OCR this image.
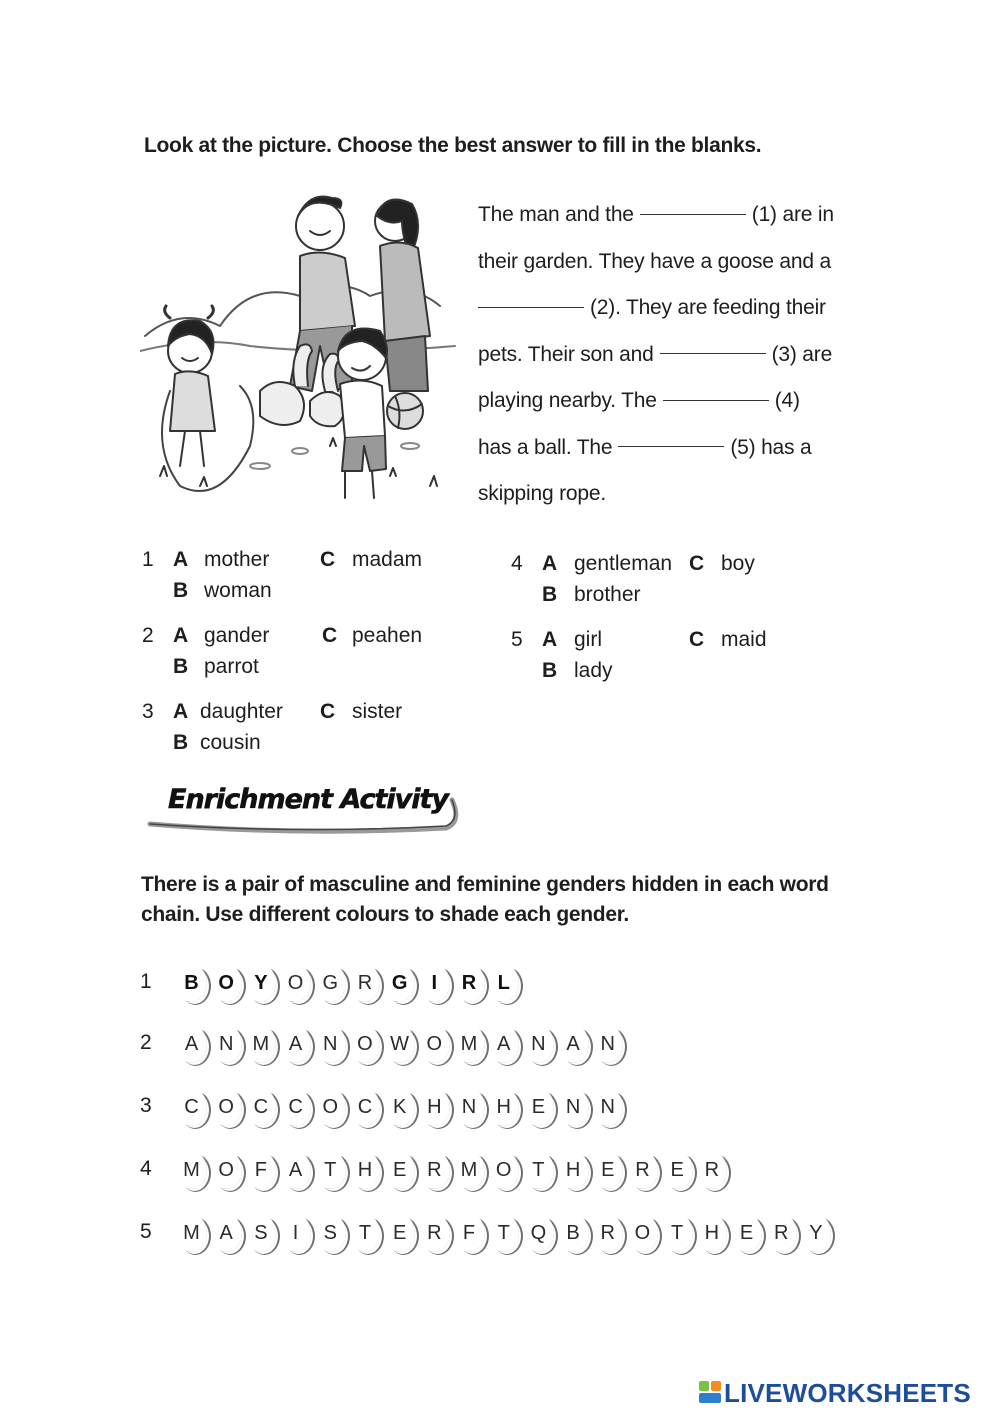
Look at the picture. Choose the best answer to fill in the blanks.
The man and the	(1) are in
their garden. They have a goose and a
(2). They are feeding their
pets. Their son and	(3) are
playing nearby. The	(4)
has a ball. The	(5) has a
skipping rope.
1 A mother C madam
B woman
2 A gander	C peahen
B parrot
3 A daughter C sister
B cousin
4 A gentleman C boy
B brother
5 A girl	C maid
B lady
Enrichment Activity
There is a pair of masculine and feminine genders hidden in each word
chain. Use different colours to shade each gender.
1	B O Y O G R G I R L
2	A N M A N O W O M A N A N
3	C O C C O C K H N H E N N
4	M O F A T H E R M O T H E R E R
5	M A S I S T E R F T Q B R O T H E R Y
LIVEWORKSHEETS
